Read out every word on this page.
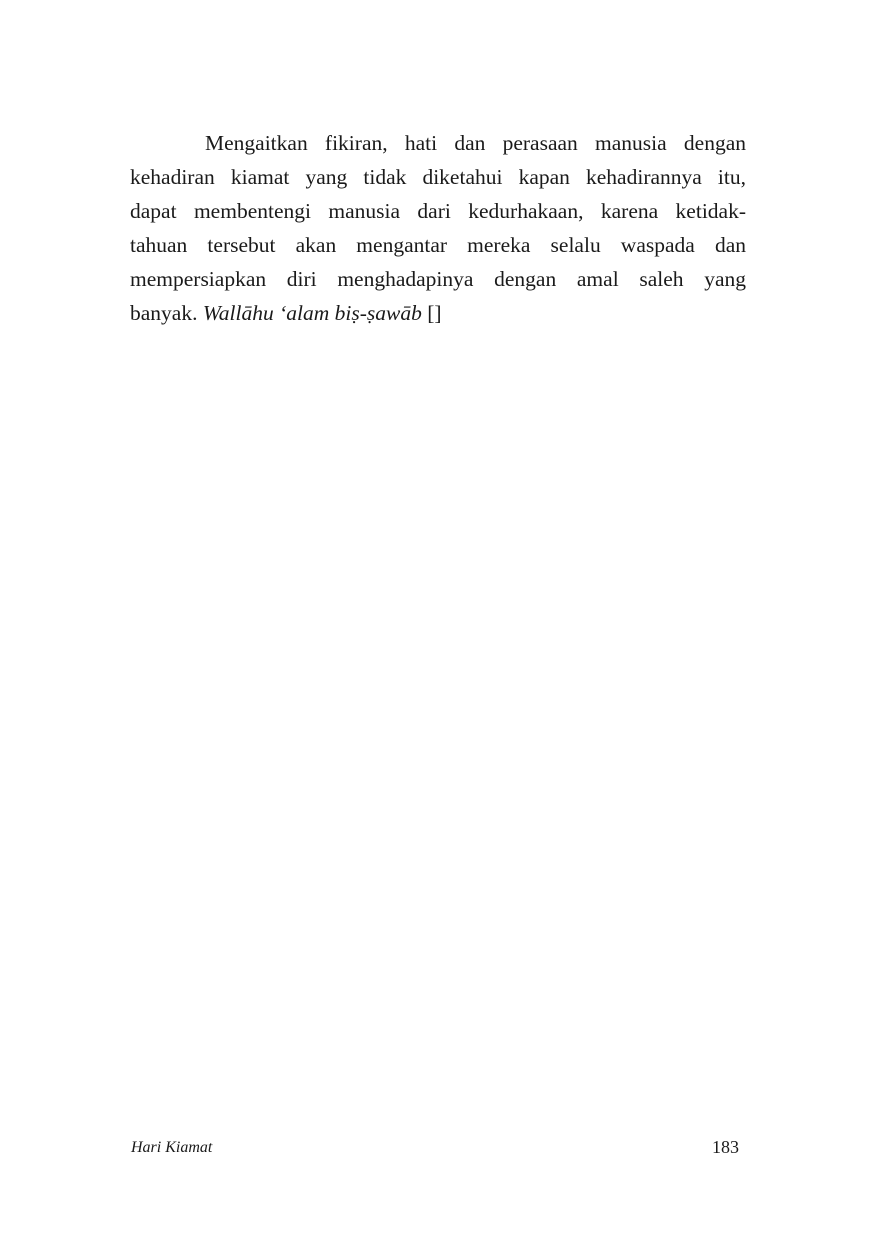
Mengaitkan fikiran, hati dan perasaan manusia dengan
kehadiran kiamat yang tidak diketahui kapan kehadirannya itu,
dapat membentengi manusia dari kedurhakaan, karena ketidak-
tahuan tersebut akan mengantar mereka selalu waspada dan
mempersiapkan diri menghadapinya dengan amal saleh yang
banyak. Wallāhu ‘alam biṣ-ṣawāb []

Hari Kiamat	183
